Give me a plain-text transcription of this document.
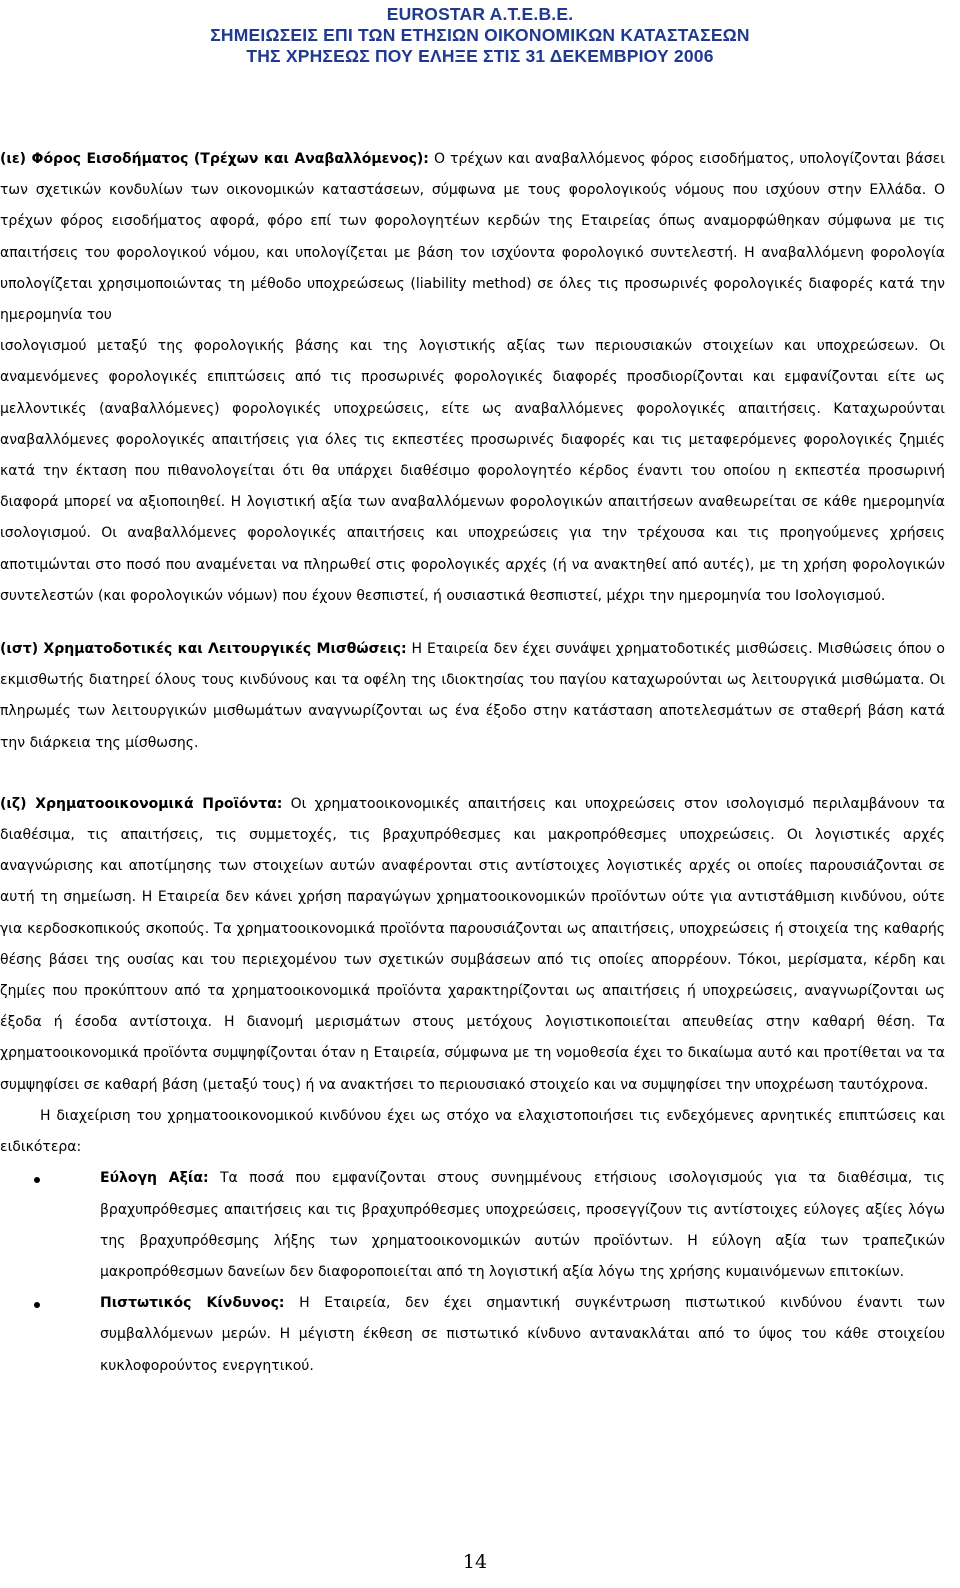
EUROSTAR A.T.E.B.E.
ΣΗΜΕΙΩΣΕΙΣ ΕΠΙ ΤΩΝ ΕΤΗΣΙΩΝ ΟΙΚΟΝΟΜΙΚΩΝ ΚΑΤΑΣΤΑΣΕΩΝ
ΤΗΣ ΧΡΗΣΕΩΣ ΠΟΥ ΕΛΗΞΕ ΣΤΙΣ 31 ΔΕΚΕΜΒΡΙΟΥ 2006

(ιε) Φόρος Εισοδήματος (Τρέχων και Αναβαλλόμενος): Ο τρέχων και αναβαλλόμενος φόρος εισοδήματος, υπολογίζονται βάσει των σχετικών κονδυλίων των οικονομικών καταστάσεων, σύμφωνα με τους φορολογικούς νόμους που ισχύουν στην Ελλάδα. Ο τρέχων φόρος εισοδήματος αφορά, φόρο επί των φορολογητέων κερδών της Εταιρείας όπως αναμορφώθηκαν σύμφωνα με τις απαιτήσεις του φορολογικού νόμου, και υπολογίζεται με βάση τον ισχύοντα φορολογικό συντελεστή. Η αναβαλλόμενη φορολογία υπολογίζεται χρησιμοποιώντας τη μέθοδο υποχρεώσεως (liability method) σε όλες τις προσωρινές φορολογικές διαφορές κατά την ημερομηνία του

ισολογισμού μεταξύ της φορολογικής βάσης και της λογιστικής αξίας των περιουσιακών στοιχείων και υποχρεώσεων. Οι αναμενόμενες φορολογικές επιπτώσεις από τις προσωρινές φορολογικές διαφορές προσδιορίζονται και εμφανίζονται είτε ως μελλοντικές (αναβαλλόμενες) φορολογικές υποχρεώσεις, είτε ως αναβαλλόμενες φορολογικές απαιτήσεις. Καταχωρούνται αναβαλλόμενες φορολογικές απαιτήσεις για όλες τις εκπεστέες προσωρινές διαφορές και τις μεταφερόμενες φορολογικές ζημιές κατά την έκταση που πιθανολογείται ότι θα υπάρχει διαθέσιμο φορολογητέο κέρδος έναντι του οποίου η εκπεστέα προσωρινή διαφορά μπορεί να αξιοποιηθεί. Η λογιστική αξία των αναβαλλόμενων φορολογικών απαιτήσεων αναθεωρείται σε κάθε ημερομηνία ισολογισμού. Οι αναβαλλόμενες φορολογικές απαιτήσεις και υποχρεώσεις για την τρέχουσα και τις προηγούμενες χρήσεις αποτιμώνται στο ποσό που αναμένεται να πληρωθεί στις φορολογικές αρχές (ή να ανακτηθεί από αυτές), με τη χρήση φορολογικών συντελεστών (και φορολογικών νόμων) που έχουν θεσπιστεί, ή ουσιαστικά θεσπιστεί, μέχρι την ημερομηνία του Ισολογισμού.

(ιστ) Χρηματοδοτικές και Λειτουργικές Μισθώσεις: Η Εταιρεία δεν έχει συνάψει χρηματοδοτικές μισθώσεις. Μισθώσεις όπου ο εκμισθωτής διατηρεί όλους τους κινδύνους και τα οφέλη της ιδιοκτησίας του παγίου καταχωρούνται ως λειτουργικά μισθώματα. Οι πληρωμές των λειτουργικών μισθωμάτων αναγνωρίζονται ως ένα έξοδο στην κατάσταση αποτελεσμάτων σε σταθερή βάση κατά την διάρκεια της μίσθωσης.

(ιζ) Χρηματοοικονομικά Προϊόντα: Οι χρηματοοικονομικές απαιτήσεις και υποχρεώσεις στον ισολογισμό περιλαμβάνουν τα διαθέσιμα, τις απαιτήσεις, τις συμμετοχές, τις βραχυπρόθεσμες και μακροπρόθεσμες υποχρεώσεις. Οι λογιστικές αρχές αναγνώρισης και αποτίμησης των στοιχείων αυτών αναφέρονται στις αντίστοιχες λογιστικές αρχές οι οποίες παρουσιάζονται σε αυτή τη σημείωση. Η Εταιρεία δεν κάνει χρήση παραγώγων χρηματοοικονομικών προϊόντων ούτε για αντιστάθμιση κινδύνου, ούτε για κερδοσκοπικούς σκοπούς. Τα χρηματοοικονομικά προϊόντα παρουσιάζονται ως απαιτήσεις, υποχρεώσεις ή στοιχεία της καθαρής θέσης βάσει της ουσίας και του περιεχομένου των σχετικών συμβάσεων από τις οποίες απορρέουν. Τόκοι, μερίσματα, κέρδη και ζημίες που προκύπτουν από τα χρηματοοικονομικά προϊόντα χαρακτηρίζονται ως απαιτήσεις ή υποχρεώσεις, αναγνωρίζονται ως έξοδα ή έσοδα αντίστοιχα. Η διανομή μερισμάτων στους μετόχους λογιστικοποιείται απευθείας στην καθαρή θέση. Τα χρηματοοικονομικά προϊόντα συμψηφίζονται όταν η Εταιρεία, σύμφωνα με τη νομοθεσία έχει το δικαίωμα αυτό και προτίθεται να τα συμψηφίσει σε καθαρή βάση (μεταξύ τους) ή να ανακτήσει το περιουσιακό στοιχείο και να συμψηφίσει την υποχρέωση ταυτόχρονα.

Η διαχείριση του χρηματοοικονομικού κινδύνου έχει ως στόχο να ελαχιστοποιήσει τις ενδεχόμενες αρνητικές επιπτώσεις και ειδικότερα:

Εύλογη Αξία: Τα ποσά που εμφανίζονται στους συνημμένους ετήσιους ισολογισμούς για τα διαθέσιμα, τις βραχυπρόθεσμες απαιτήσεις και τις βραχυπρόθεσμες υποχρεώσεις, προσεγγίζουν τις αντίστοιχες εύλογες αξίες λόγω της βραχυπρόθεσμης λήξης των χρηματοοικονομικών αυτών προϊόντων. Η εύλογη αξία των τραπεζικών μακροπρόθεσμων δανείων δεν διαφοροποιείται από τη λογιστική αξία λόγω της χρήσης κυμαινόμενων επιτοκίων.
Πιστωτικός Κίνδυνος: Η Εταιρεία, δεν έχει σημαντική συγκέντρωση πιστωτικού κινδύνου έναντι των συμβαλλόμενων μερών. Η μέγιστη έκθεση σε πιστωτικό κίνδυνο αντανακλάται από το ύψος του κάθε στοιχείου κυκλοφορούντος ενεργητικού.
14
